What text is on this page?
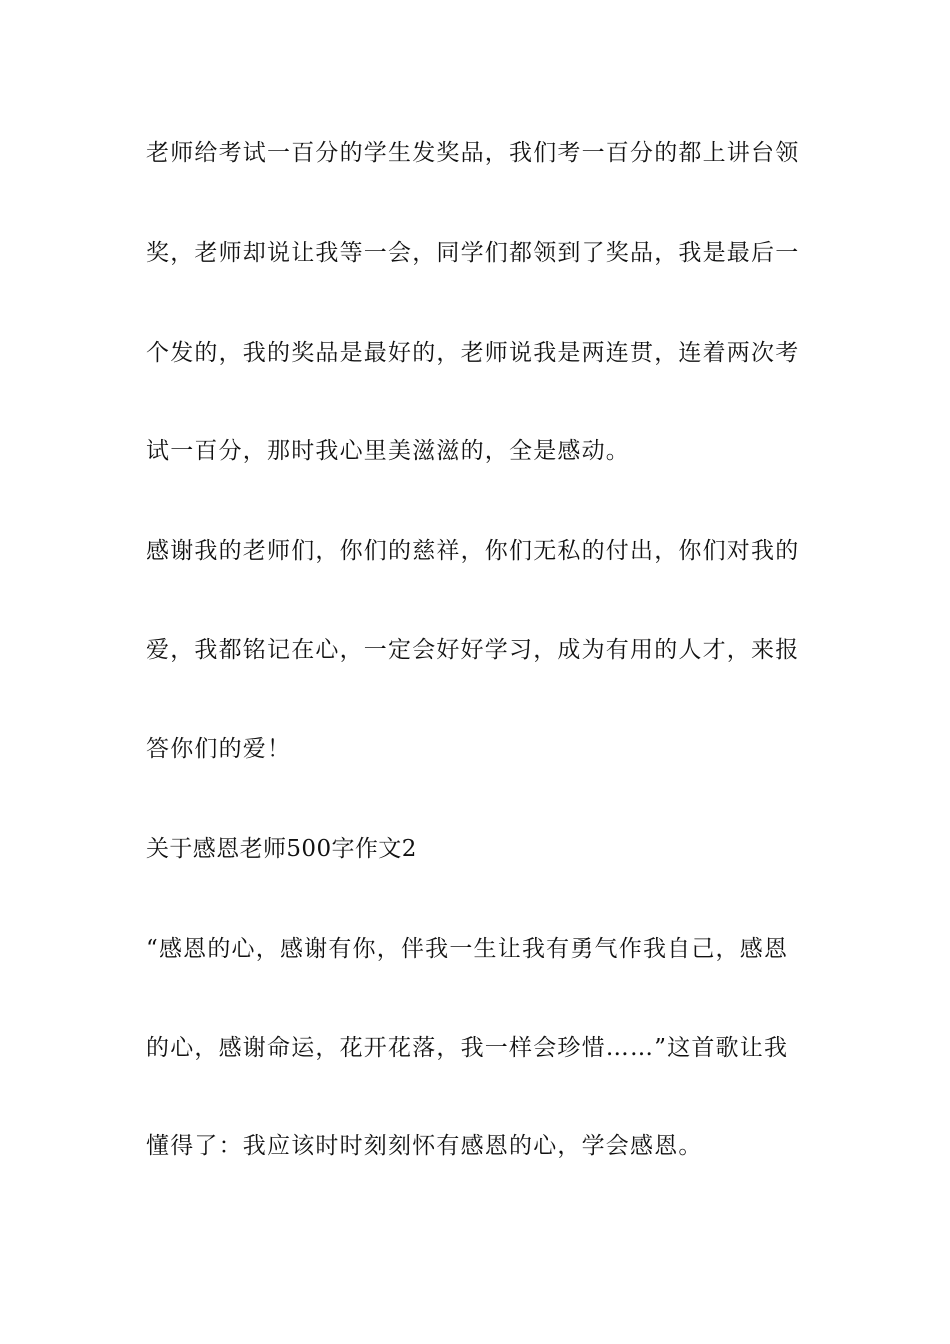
老师给考试一百分的学生发奖品，我们考一百分的都上讲台领
奖，老师却说让我等一会，同学们都领到了奖品，我是最后一
个发的，我的奖品是最好的，老师说我是两连贯，连着两次考
试一百分，那时我心里美滋滋的，全是感动。
感谢我的老师们，你们的慈祥，你们无私的付出，你们对我的
爱，我都铭记在心，一定会好好学习，成为有用的人才，来报
答你们的爱！
关于感恩老师500字作文2
“感恩的心，感谢有你，伴我一生让我有勇气作我自己，感恩
的心，感谢命运，花开花落，我一样会珍惜……”这首歌让我
懂得了：我应该时时刻刻怀有感恩的心，学会感恩。
